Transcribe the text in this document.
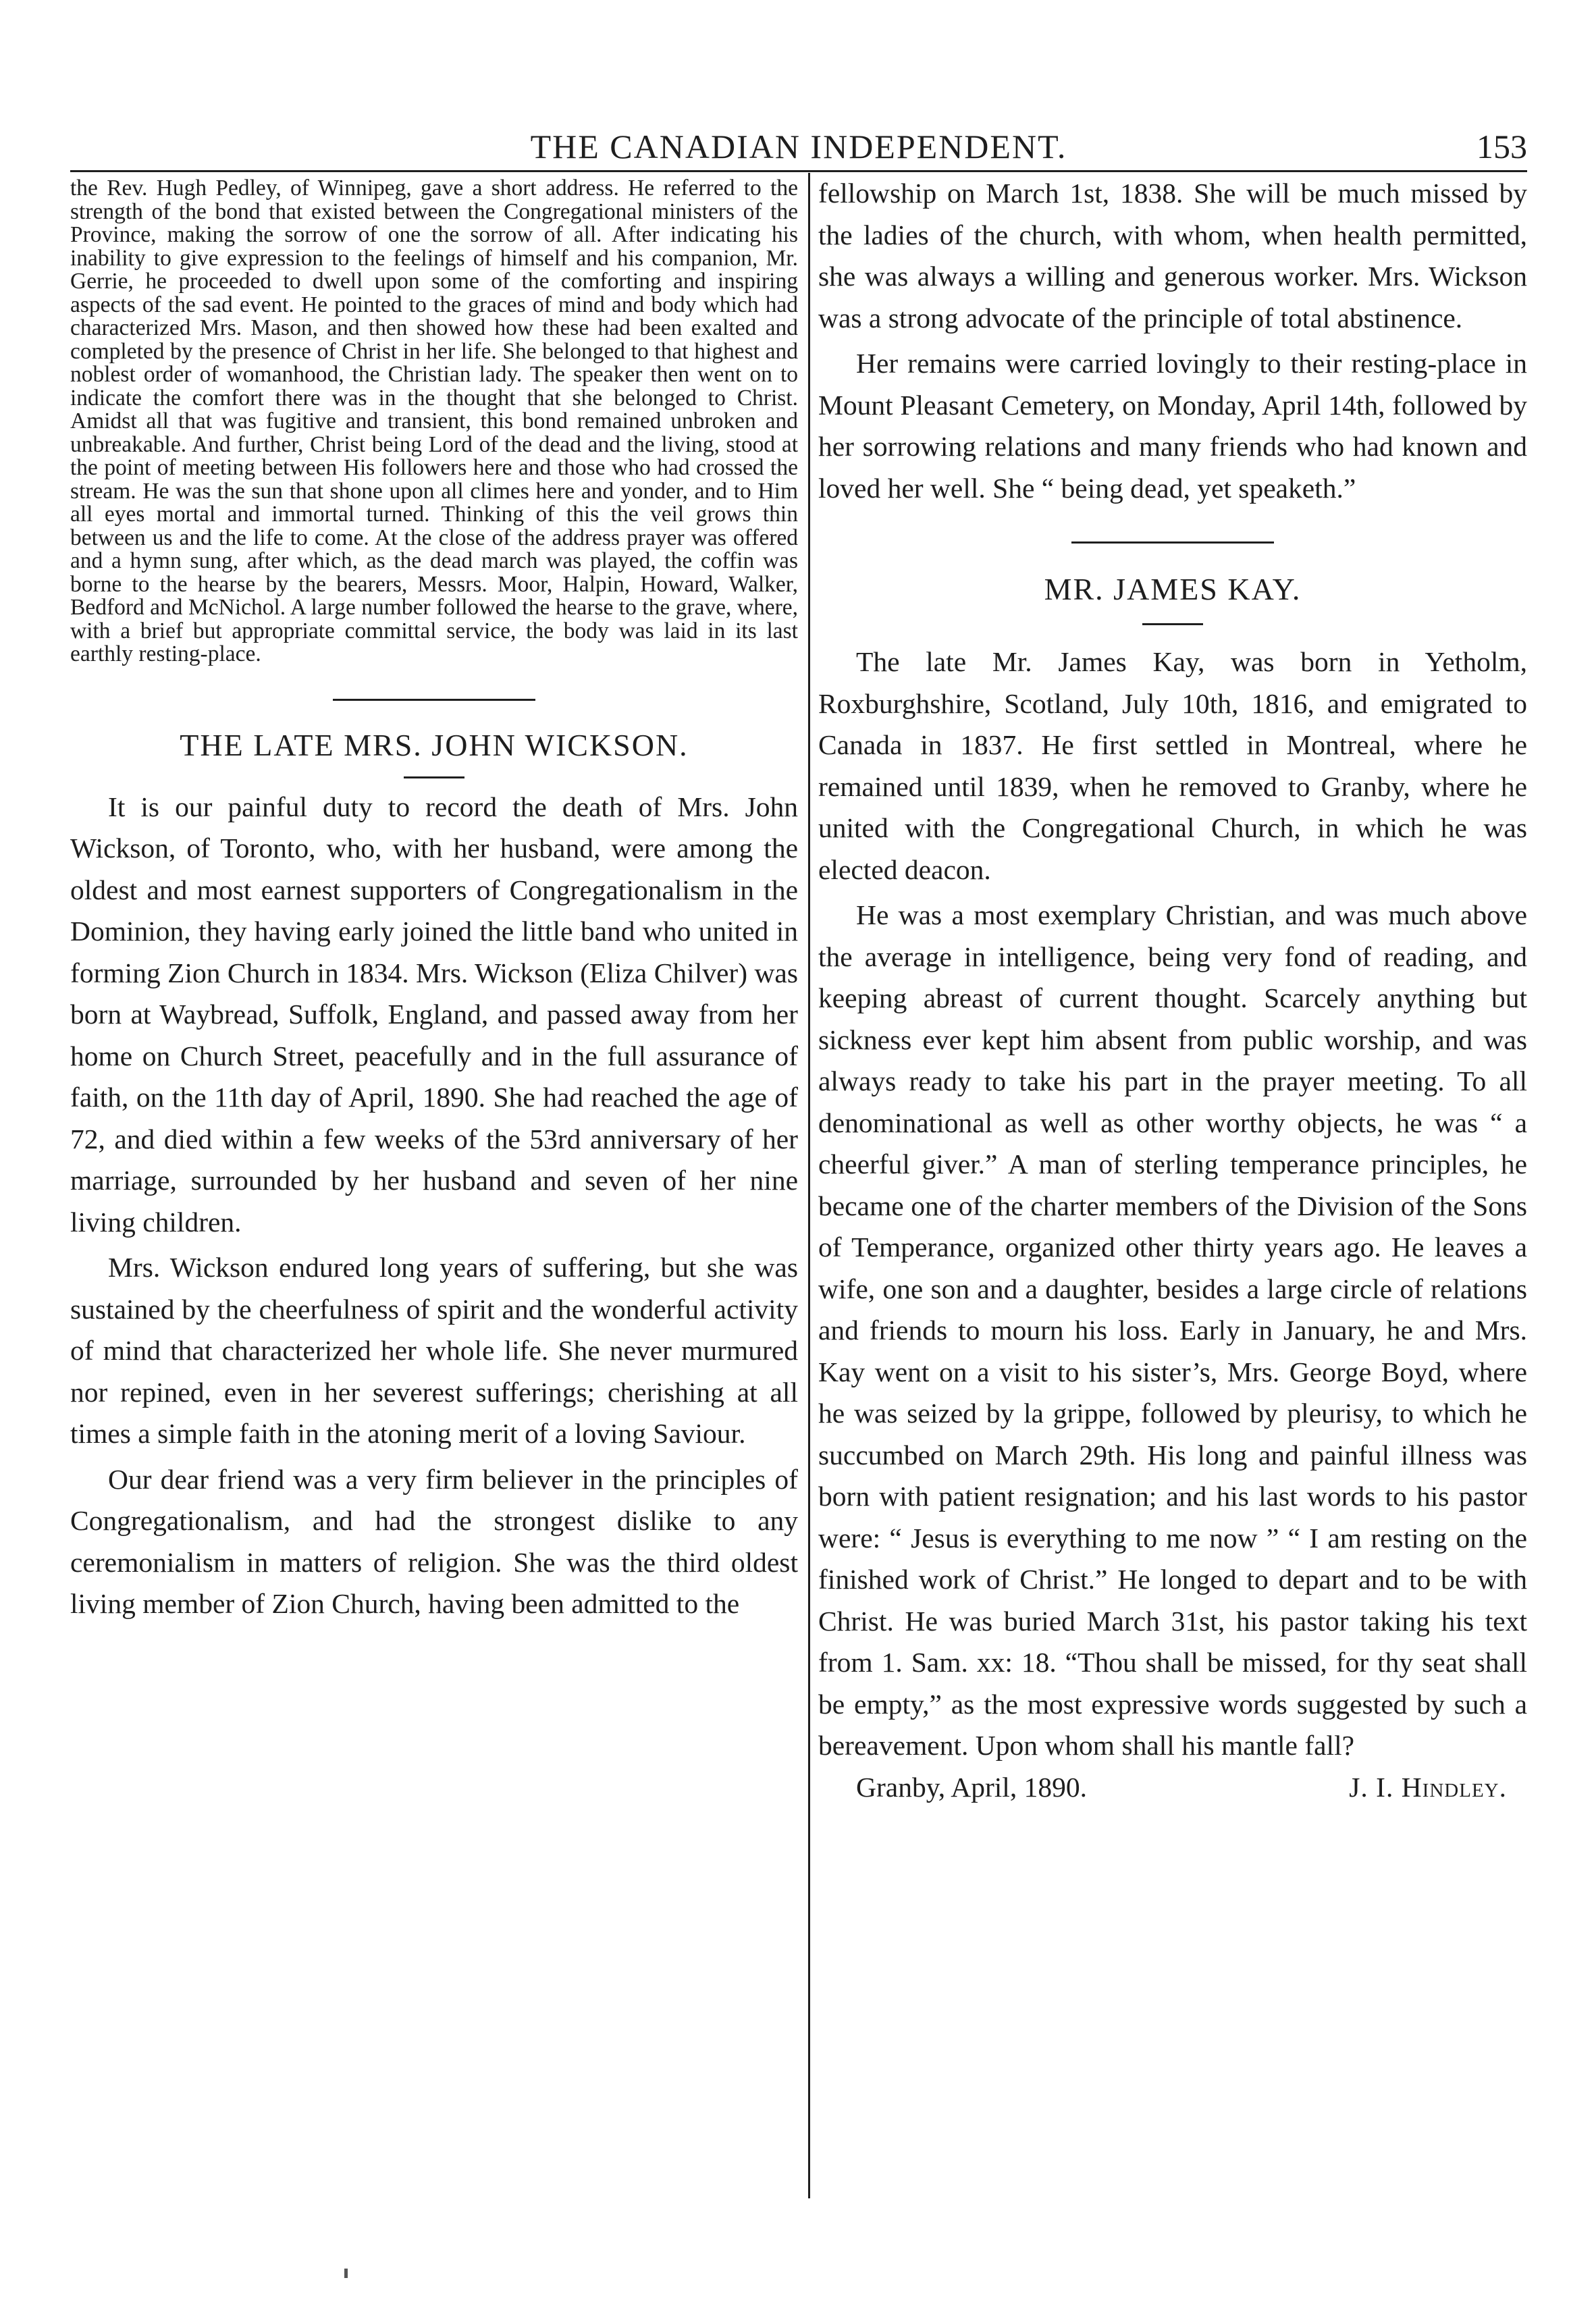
THE CANADIAN INDEPENDENT.	153

the Rev. Hugh Pedley, of Winnipeg, gave a short address. He referred to the strength of the bond that existed between the Congregational ministers of the Province, making the sorrow of one the sorrow of all. After indicating his inability to give expression to the feelings of himself and his companion, Mr. Gerrie, he proceeded to dwell upon some of the comforting and inspiring aspects of the sad event. He pointed to the graces of mind and body which had characterized Mrs. Mason, and then showed how these had been exalted and completed by the presence of Christ in her life. She belonged to that highest and noblest order of womanhood, the Christian lady. The speaker then went on to indicate the comfort there was in the thought that she belonged to Christ. Amidst all that was fugitive and transient, this bond remained unbroken and unbreakable. And further, Christ being Lord of the dead and the living, stood at the point of meeting between His followers here and those who had crossed the stream. He was the sun that shone upon all climes here and yonder, and to Him all eyes mortal and immortal turned. Thinking of this the veil grows thin between us and the life to come. At the close of the address prayer was offered and a hymn sung, after which, as the dead march was played, the coffin was borne to the hearse by the bearers, Messrs. Moor, Halpin, Howard, Walker, Bedford and McNichol. A large number followed the hearse to the grave, where, with a brief but appropriate committal service, the body was laid in its last earthly resting-place.

THE LATE MRS. JOHN WICKSON.

It is our painful duty to record the death of Mrs. John Wickson, of Toronto, who, with her husband, were among the oldest and most earnest supporters of Congregationalism in the Dominion, they having early joined the little band who united in forming Zion Church in 1834. Mrs. Wickson (Eliza Chilver) was born at Waybread, Suffolk, England, and passed away from her home on Church Street, peacefully and in the full assurance of faith, on the 11th day of April, 1890. She had reached the age of 72, and died within a few weeks of the 53rd anniversary of her marriage, surrounded by her husband and seven of her nine living children.

Mrs. Wickson endured long years of suffering, but she was sustained by the cheerfulness of spirit and the wonderful activity of mind that characterized her whole life. She never murmured nor repined, even in her severest sufferings; cherishing at all times a simple faith in the atoning merit of a loving Saviour.

Our dear friend was a very firm believer in the principles of Congregationalism, and had the strongest dislike to any ceremonialism in matters of religion. She was the third oldest living member of Zion Church, having been admitted to the

fellowship on March 1st, 1838. She will be much missed by the ladies of the church, with whom, when health permitted, she was always a willing and generous worker. Mrs. Wickson was a strong advocate of the principle of total abstinence.

Her remains were carried lovingly to their resting-place in Mount Pleasant Cemetery, on Monday, April 14th, followed by her sorrowing relations and many friends who had known and loved her well. She “ being dead, yet speaketh.”

MR. JAMES KAY.

The late Mr. James Kay, was born in Yetholm, Roxburghshire, Scotland, July 10th, 1816, and emigrated to Canada in 1837. He first settled in Montreal, where he remained until 1839, when he removed to Granby, where he united with the Congregational Church, in which he was elected deacon.

He was a most exemplary Christian, and was much above the average in intelligence, being very fond of reading, and keeping abreast of current thought. Scarcely anything but sickness ever kept him absent from public worship, and was always ready to take his part in the prayer meeting. To all denominational as well as other worthy objects, he was “ a cheerful giver.” A man of sterling temperance principles, he became one of the charter members of the Division of the Sons of Temperance, organized other thirty years ago. He leaves a wife, one son and a daughter, besides a large circle of relations and friends to mourn his loss. Early in January, he and Mrs. Kay went on a visit to his sister’s, Mrs. George Boyd, where he was seized by la grippe, followed by pleurisy, to which he succumbed on March 29th. His long and painful illness was born with patient resignation; and his last words to his pastor were: “ Jesus is everything to me now ” “ I am resting on the finished work of Christ.” He longed to depart and to be with Christ. He was buried March 31st, his pastor taking his text from 1. Sam. xx: 18. “Thou shall be missed, for thy seat shall be empty,” as the most expressive words suggested by such a bereavement. Upon whom shall his mantle fall?

Granby, April, 1890.	J. I. Hindley.
